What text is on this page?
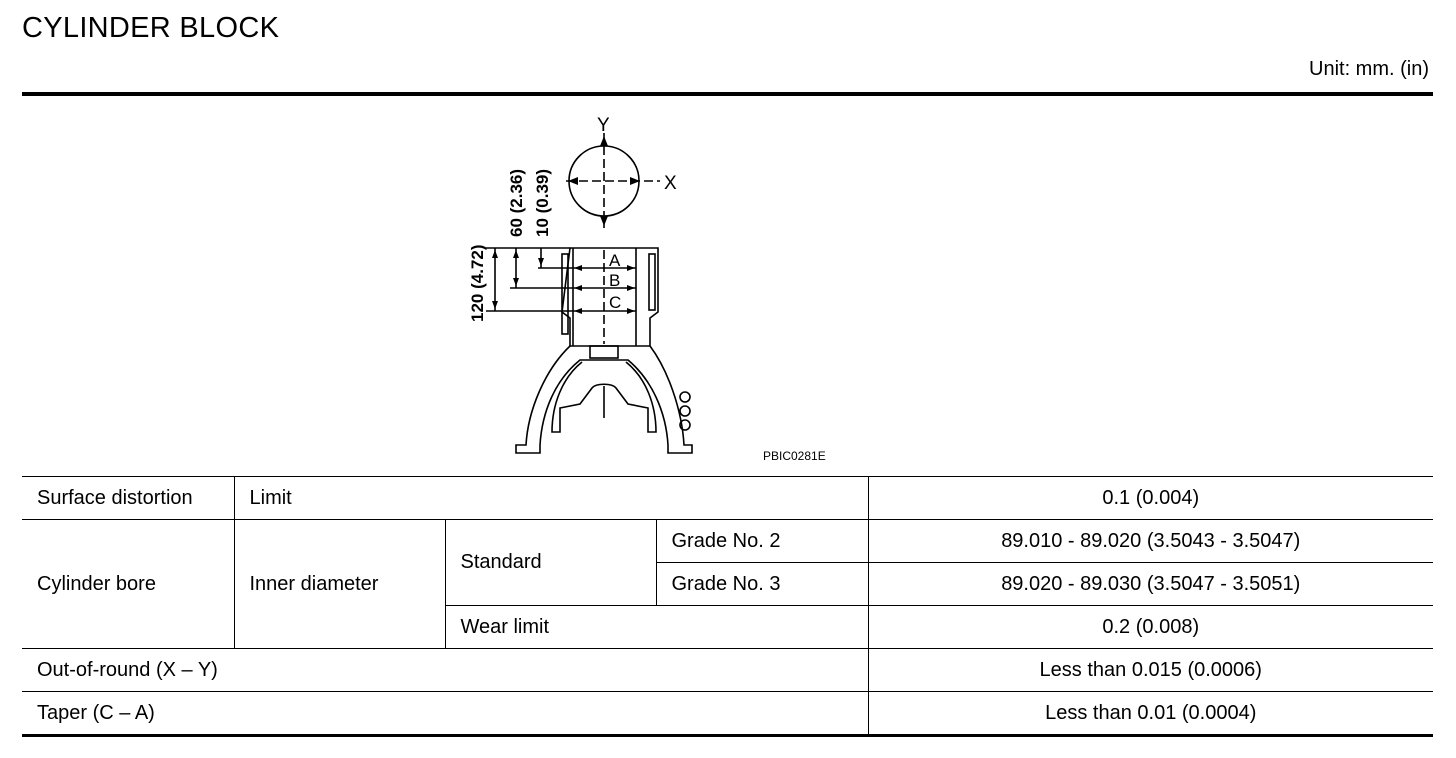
CYLINDER BLOCK
Unit: mm. (in)
Y
X
A
B
C
120 (4.72)
60 (2.36) 10 (0.39)
PBIC0281E
Surface distortion	Limit			0.1 (0.004)
Cylinder bore	Inner diameter	Standard	Grade No. 2	89.010 - 89.020 (3.5043 - 3.5047)
			Grade No. 3	89.020 - 89.030 (3.5047 - 3.5051)
		Wear limit		0.2 (0.008)
Out-of-round (X – Y)				Less than 0.015 (0.0006)
Taper (C – A)				Less than 0.01 (0.0004)
